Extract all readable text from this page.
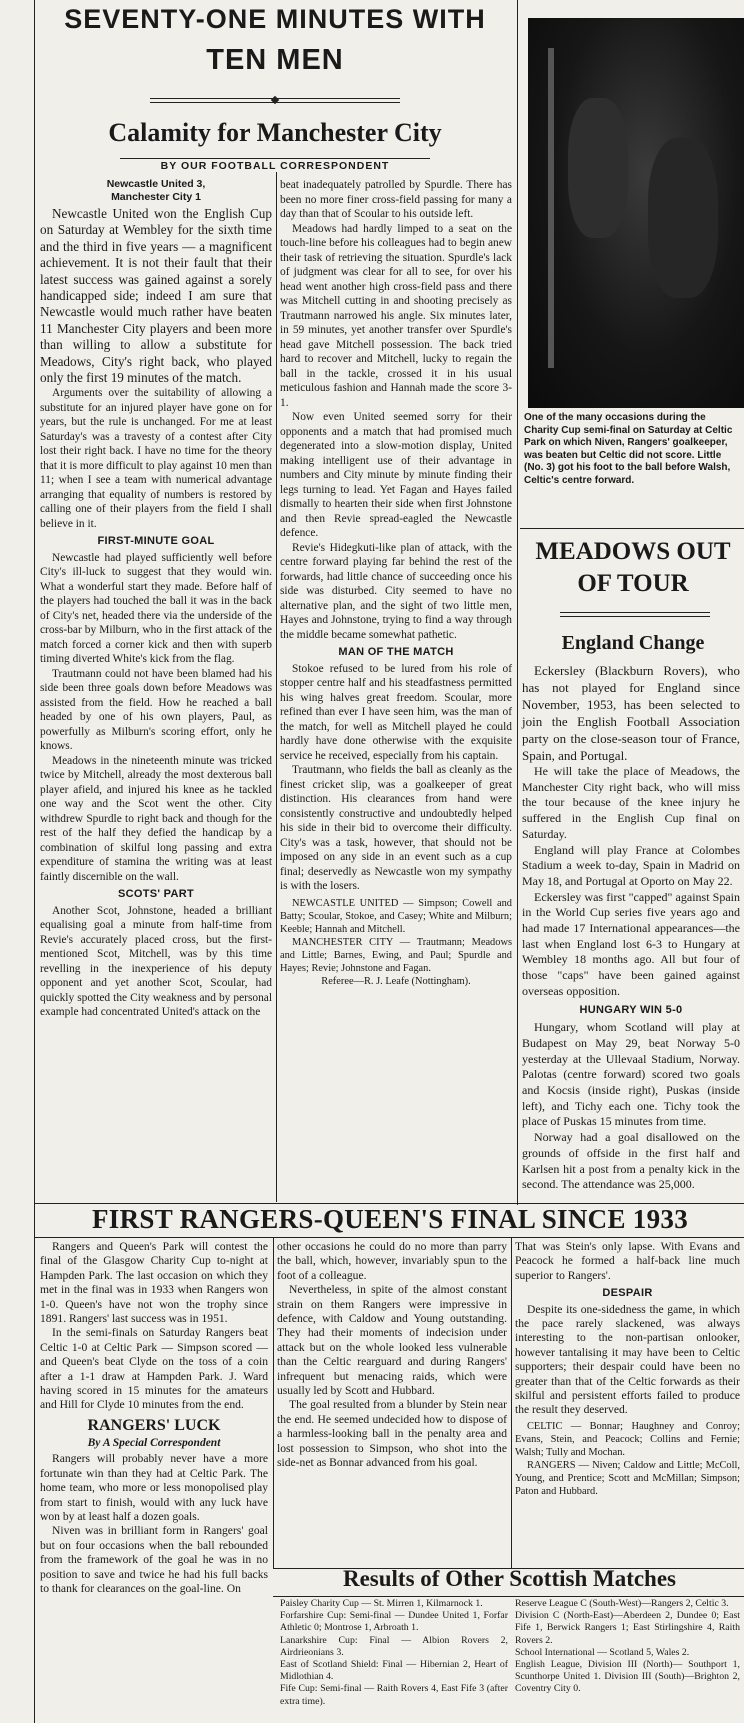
SEVENTY-ONE MINUTES WITH
TEN MEN
Calamity for Manchester City
BY OUR FOOTBALL CORRESPONDENT
Newcastle United 3,
Manchester City 1

Newcastle United won the English Cup on Saturday at Wembley for the sixth time and the third in five years — a magnificent achievement. It is not their fault that their latest success was gained against a sorely handicapped side; indeed I am sure that Newcastle would much rather have beaten 11 Manchester City players and been more than willing to allow a substitute for Meadows, City's right back, who played only the first 19 minutes of the match.

Arguments over the suitability of allowing a substitute for an injured player have gone on for years, but the rule is unchanged. For me at least Saturday's was a travesty of a contest after City lost their right back. I have no time for the theory that it is more difficult to play against 10 men than 11; when I see a team with numerical advantage arranging that equality of numbers is restored by calling one of their players from the field I shall believe in it.

FIRST-MINUTE GOAL

Newcastle had played sufficiently well before City's ill-luck to suggest that they would win. What a wonderful start they made. Before half of the players had touched the ball it was in the back of City's net, headed there via the underside of the cross-bar by Milburn, who in the first attack of the match forced a corner kick and then with superb timing diverted White's kick from the flag.

Trautmann could not have been blamed had his side been three goals down before Meadows was assisted from the field. How he reached a ball headed by one of his own players, Paul, as powerfully as Milburn's scoring effort, only he knows.

Meadows in the nineteenth minute was tricked twice by Mitchell, already the most dexterous ball player afield, and injured his knee as he tackled one way and the Scot went the other. City withdrew Spurdle to right back and though for the rest of the half they defied the handicap by a combination of skilful long passing and extra expenditure of stamina the writing was at least faintly discernible on the wall.

SCOTS' PART

Another Scot, Johnstone, headed a brilliant equalising goal a minute from half-time from Revie's accurately placed cross, but the first-mentioned Scot, Mitchell, was by this time revelling in the inexperience of his deputy opponent and yet another Scot, Scoular, had quickly spotted the City weakness and by personal example had concentrated United's attack on the

beat inadequately patrolled by Spurdle. There has been no more finer cross-field passing for many a day than that of Scoular to his outside left.

Meadows had hardly limped to a seat on the touch-line before his colleagues had to begin anew their task of retrieving the situation. Spurdle's lack of judgment was clear for all to see, for over his head went another high cross-field pass and there was Mitchell cutting in and shooting precisely as Trautmann narrowed his angle. Six minutes later, in 59 minutes, yet another transfer over Spurdle's head gave Mitchell possession. The back tried hard to recover and Mitchell, lucky to regain the ball in the tackle, crossed it in his usual meticulous fashion and Hannah made the score 3-1.

Now even United seemed sorry for their opponents and a match that had promised much degenerated into a slow-motion display, United making intelligent use of their advantage in numbers and City minute by minute finding their legs turning to lead. Yet Fagan and Hayes failed dismally to hearten their side when first Johnstone and then Revie spread-eagled the Newcastle defence.

Revie's Hidegkuti-like plan of attack, with the centre forward playing far behind the rest of the forwards, had little chance of succeeding once his side was disturbed. City seemed to have no alternative plan, and the sight of two little men, Hayes and Johnstone, trying to find a way through the middle became somewhat pathetic.

MAN OF THE MATCH

Stokoe refused to be lured from his role of stopper centre half and his steadfastness permitted his wing halves great freedom. Scoular, more refined than ever I have seen him, was the man of the match, for well as Mitchell played he could hardly have done otherwise with the exquisite service he received, especially from his captain.

Trautmann, who fields the ball as cleanly as the finest cricket slip, was a goalkeeper of great distinction. His clearances from hand were consistently constructive and undoubtedly helped his side in their bid to overcome their difficulty. City's was a task, however, that should not be imposed on any side in an event such as a cup final; deservedly as Newcastle won my sympathy is with the losers.

NEWCASTLE UNITED — Simpson; Cowell and Batty; Scoular, Stokoe, and Casey; White and Milburn; Keeble; Hannah and Mitchell.

MANCHESTER CITY — Trautmann; Meadows and Little; Barnes, Ewing, and Paul; Spurdle and Hayes; Revie; Johnstone and Fagan.

Referee—R. J. Leafe (Nottingham).
One of the many occasions during the Charity Cup semi-final on Saturday at Celtic Park on which Niven, Rangers' goalkeeper, was beaten but Celtic did not score. Little (No. 3) got his foot to the ball before Walsh, Celtic's centre forward.
MEADOWS OUT
OF TOUR
England Change

Eckersley (Blackburn Rovers), who has not played for England since November, 1953, has been selected to join the English Football Association party on the close-season tour of France, Spain, and Portugal.

He will take the place of Meadows, the Manchester City right back, who will miss the tour because of the knee injury he suffered in the English Cup final on Saturday.

England will play France at Colombes Stadium a week to-day, Spain in Madrid on May 18, and Portugal at Oporto on May 22.

Eckersley was first "capped" against Spain in the World Cup series five years ago and had made 17 International appearances—the last when England lost 6-3 to Hungary at Wembley 18 months ago. All but four of those "caps" have been gained against overseas opposition.

HUNGARY WIN 5-0

Hungary, whom Scotland will play at Budapest on May 29, beat Norway 5-0 yesterday at the Ullevaal Stadium, Norway. Palotas (centre forward) scored two goals and Kocsis (inside right), Puskas (inside left), and Tichy each one. Tichy took the place of Puskas 15 minutes from time.

Norway had a goal disallowed on the grounds of offside in the first half and Karlsen hit a post from a penalty kick in the second. The attendance was 25,000.

FIRST RANGERS-QUEEN'S FINAL SINCE 1933

Rangers and Queen's Park will contest the final of the Glasgow Charity Cup to-night at Hampden Park. The last occasion on which they met in the final was in 1933 when Rangers won 1-0. Queen's have not won the trophy since 1891. Rangers' last success was in 1951.

In the semi-finals on Saturday Rangers beat Celtic 1-0 at Celtic Park — Simpson scored — and Queen's beat Clyde on the toss of a coin after a 1-1 draw at Hampden Park. J. Ward having scored in 15 minutes for the amateurs and Hill for Clyde 10 minutes from the end.

RANGERS' LUCK
By A Special Correspondent

Rangers will probably never have a more fortunate win than they had at Celtic Park. The home team, who more or less monopolised play from start to finish, would with any luck have won by at least half a dozen goals.

Niven was in brilliant form in Rangers' goal but on four occasions when the ball rebounded from the framework of the goal he was in no position to save and twice he had his full backs to thank for clearances on the goal-line. On

other occasions he could do no more than parry the ball, which, however, invariably spun to the foot of a colleague.

Nevertheless, in spite of the almost constant strain on them Rangers were impressive in defence, with Caldow and Young outstanding. They had their moments of indecision under attack but on the whole looked less vulnerable than the Celtic rearguard and during Rangers' infrequent but menacing raids, which were usually led by Scott and Hubbard.

The goal resulted from a blunder by Stein near the end. He seemed undecided how to dispose of a harmless-looking ball in the penalty area and lost possession to Simpson, who shot into the side-net as Bonnar advanced from his goal.

That was Stein's only lapse. With Evans and Peacock he formed a half-back line much superior to Rangers'.

DESPAIR

Despite its one-sidedness the game, in which the pace rarely slackened, was always interesting to the non-partisan onlooker, however tantalising it may have been to Celtic supporters; their despair could have been no greater than that of the Celtic forwards as their skilful and persistent efforts failed to produce the result they deserved.

CELTIC — Bonnar; Haughney and Conroy; Evans, Stein, and Peacock; Collins and Fernie; Walsh; Tully and Mochan.

RANGERS — Niven; Caldow and Little; McColl, Young, and Prentice; Scott and McMillan; Simpson; Paton and Hubbard.

Results of Other Scottish Matches

Paisley Charity Cup — St. Mirren 1, Kilmarnock 1.

Forfarshire Cup: Semi-final — Dundee United 1, Forfar Athletic 0; Montrose 1, Arbroath 1.

Lanarkshire Cup: Final — Albion Rovers 2, Airdrieonians 3.

East of Scotland Shield: Final — Hibernian 2, Heart of Midlothian 4.

Fife Cup: Semi-final — Raith Rovers 4, East Fife 3 (after extra time).

Reserve League C (South-West)—Rangers 2, Celtic 3.

Division C (North-East)—Aberdeen 2, Dundee 0; East Fife 1, Berwick Rangers 1; East Stirlingshire 4, Raith Rovers 2.

School International — Scotland 5, Wales 2.

English League, Division III (North)— Southport 1, Scunthorpe United 1. Division III (South)—Brighton 2, Coventry City 0.
